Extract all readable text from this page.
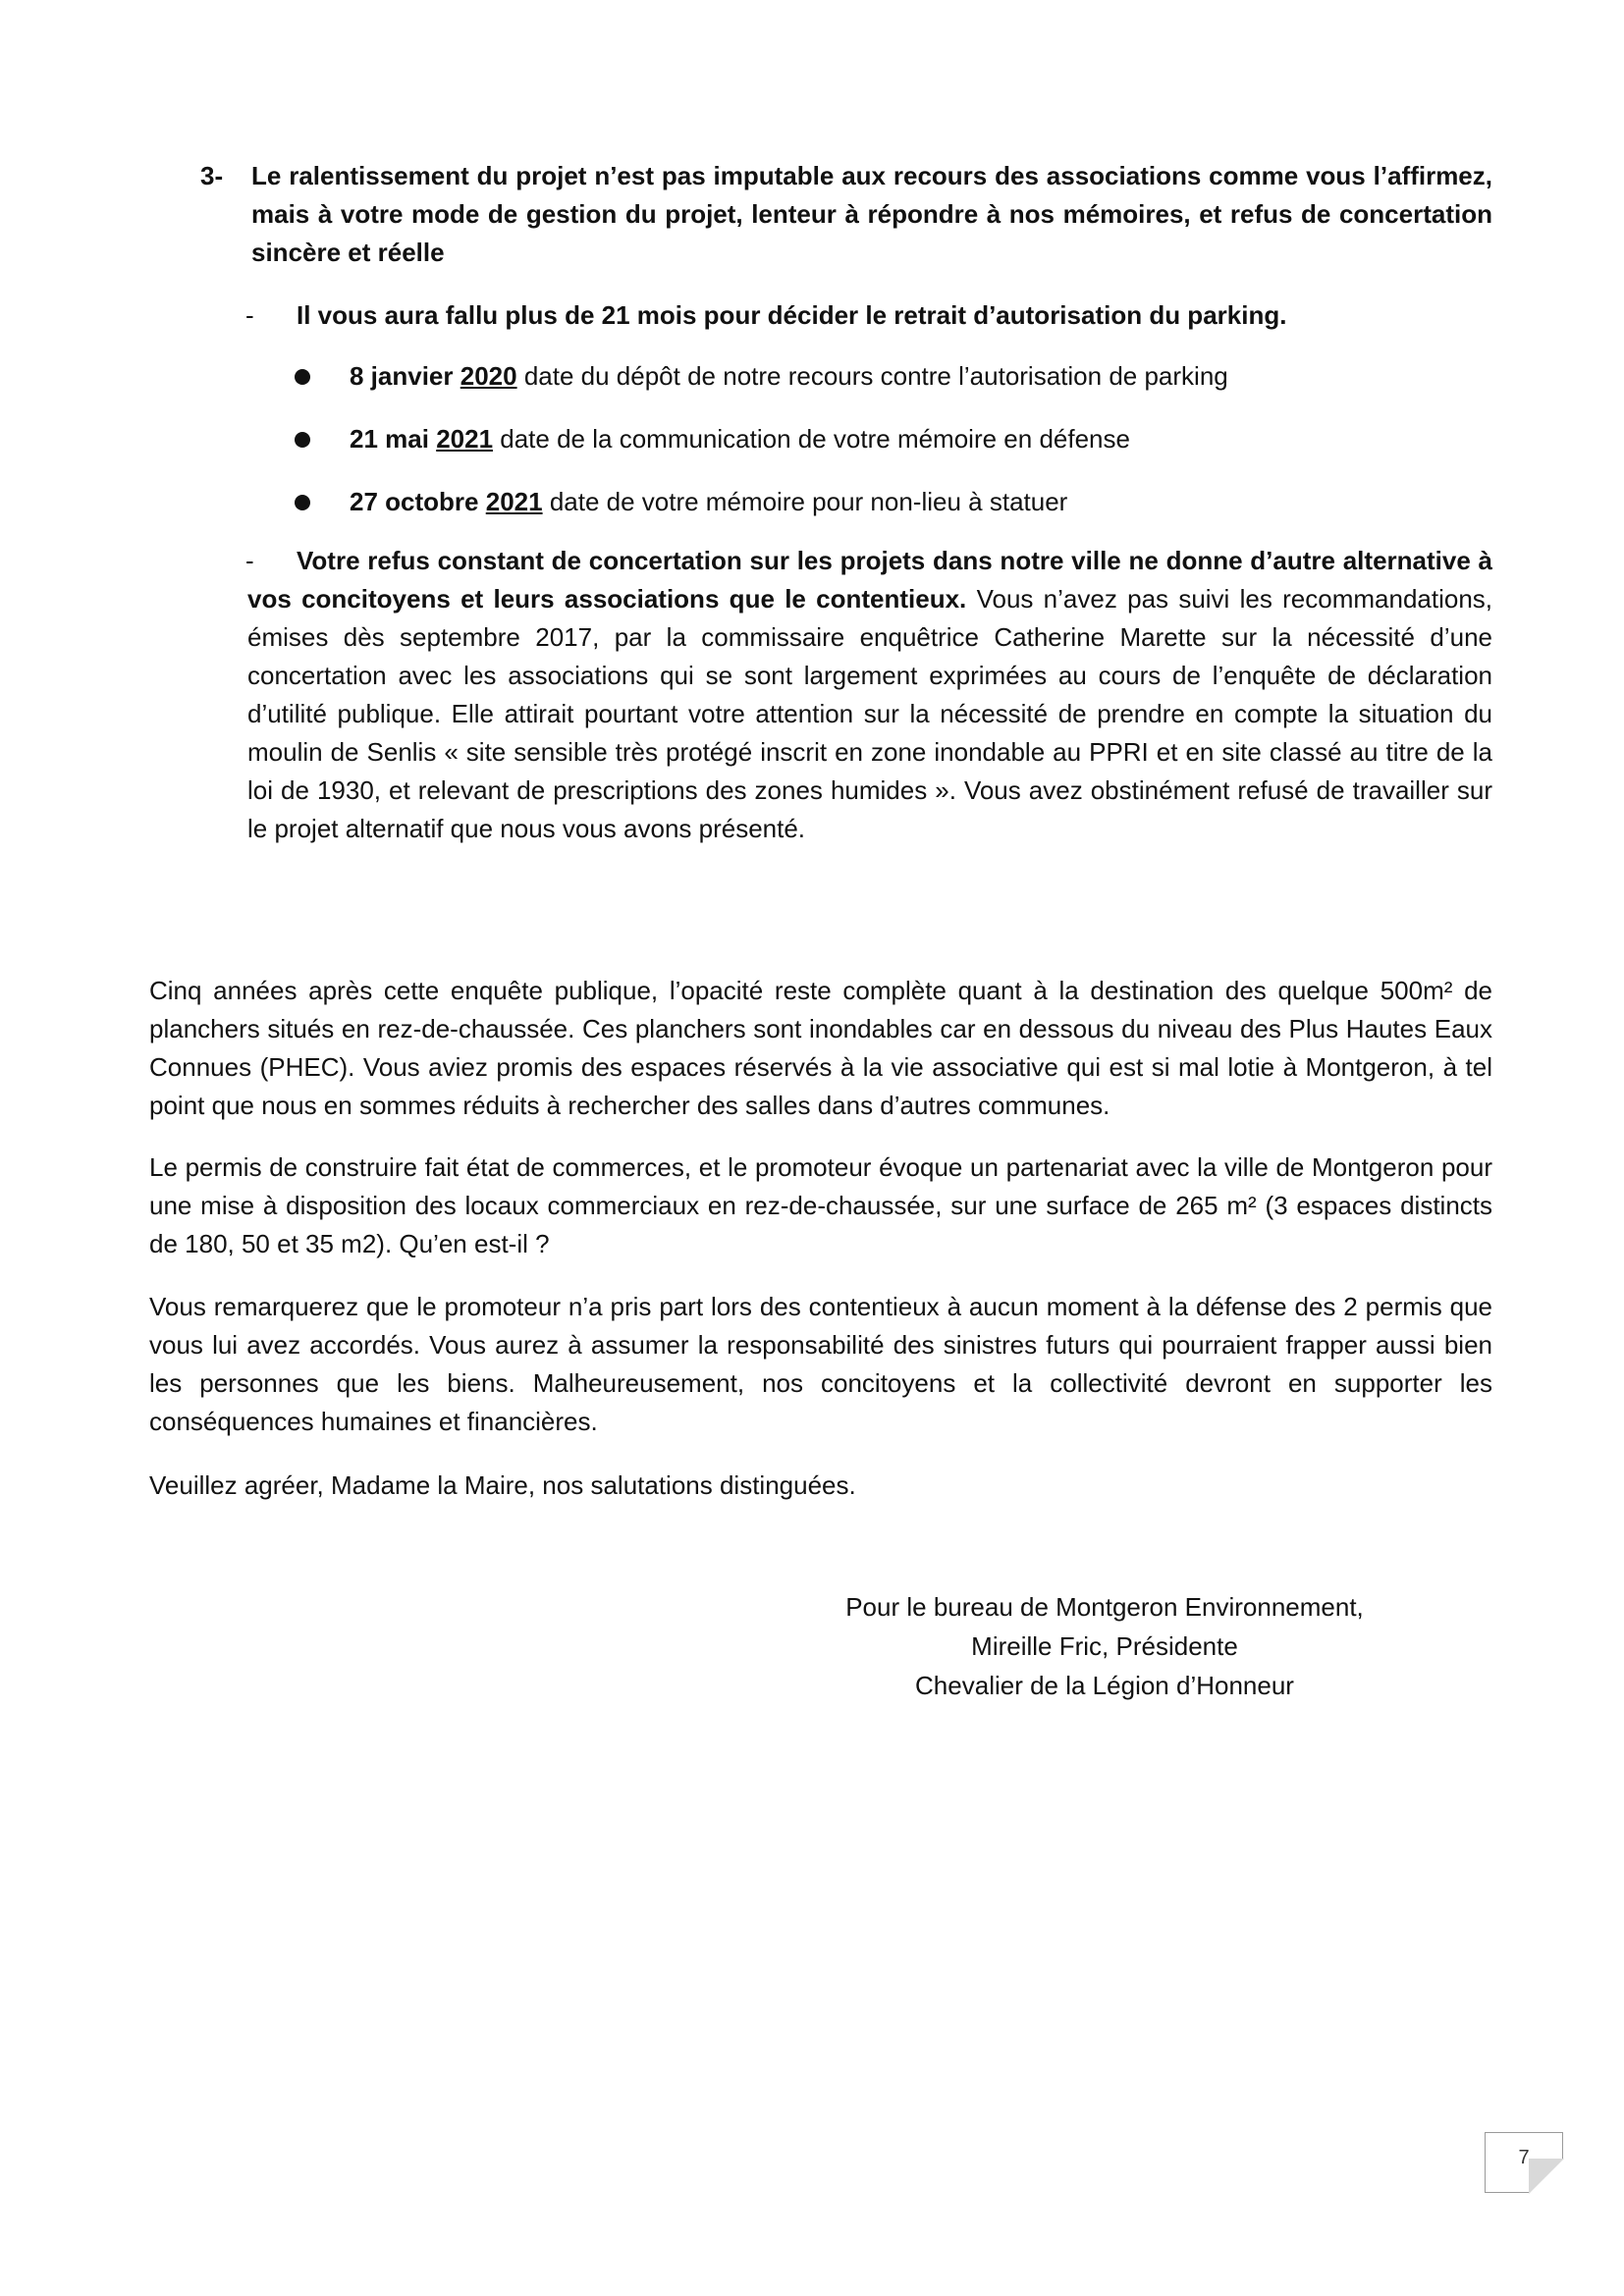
3-	Le ralentissement du projet n’est pas imputable aux recours des associations comme vous l’affirmez, mais à votre mode de gestion du projet, lenteur à répondre à nos mémoires, et refus de concertation sincère et réelle

-	Il vous aura fallu plus de 21 mois pour décider le retrait d’autorisation du parking.

8 janvier 2020 date du dépôt de notre recours contre l’autorisation de parking

21 mai 2021 date de la communication de votre mémoire en défense

27 octobre 2021 date de votre mémoire pour non-lieu à statuer

-	Votre refus constant de concertation sur les projets dans notre ville ne donne d’autre alternative à vos concitoyens et leurs associations que le contentieux. Vous n’avez pas suivi les recommandations, émises dès septembre 2017, par la commissaire enquêtrice Catherine Marette sur la nécessité d’une concertation avec les associations qui se sont largement exprimées au cours de l’enquête de déclaration d’utilité publique. Elle attirait pourtant votre attention sur la nécessité de prendre en compte la situation du moulin de Senlis « site sensible très protégé inscrit en zone inondable au PPRI et en site classé au titre de la loi de 1930, et relevant de prescriptions des zones humides ». Vous avez obstinément refusé de travailler sur le projet alternatif que nous vous avons présenté.

Cinq années après cette enquête publique, l’opacité reste complète quant à la destination des quelque 500m² de planchers situés en rez-de-chaussée. Ces planchers sont inondables car en dessous du niveau des Plus Hautes Eaux Connues (PHEC). Vous aviez promis des espaces réservés à la vie associative qui est si mal lotie à Montgeron, à tel point que nous en sommes réduits à rechercher des salles dans d’autres communes.

Le permis de construire fait état de commerces, et le promoteur évoque un partenariat avec la ville de Montgeron pour une mise à disposition des locaux commerciaux en rez-de-chaussée, sur une surface de 265 m² (3 espaces distincts de 180, 50 et 35 m2). Qu’en est-il ?

Vous remarquerez que le promoteur n’a pris part lors des contentieux à aucun moment à la défense des 2 permis que vous lui avez accordés. Vous aurez à assumer la responsabilité des sinistres futurs qui pourraient frapper aussi bien les personnes que les biens. Malheureusement, nos concitoyens et la collectivité devront en supporter les conséquences humaines et financières.

Veuillez agréer, Madame la Maire, nos salutations distinguées.

Pour le bureau de Montgeron Environnement,
Mireille Fric, Présidente
Chevalier de la Légion d’Honneur
7
